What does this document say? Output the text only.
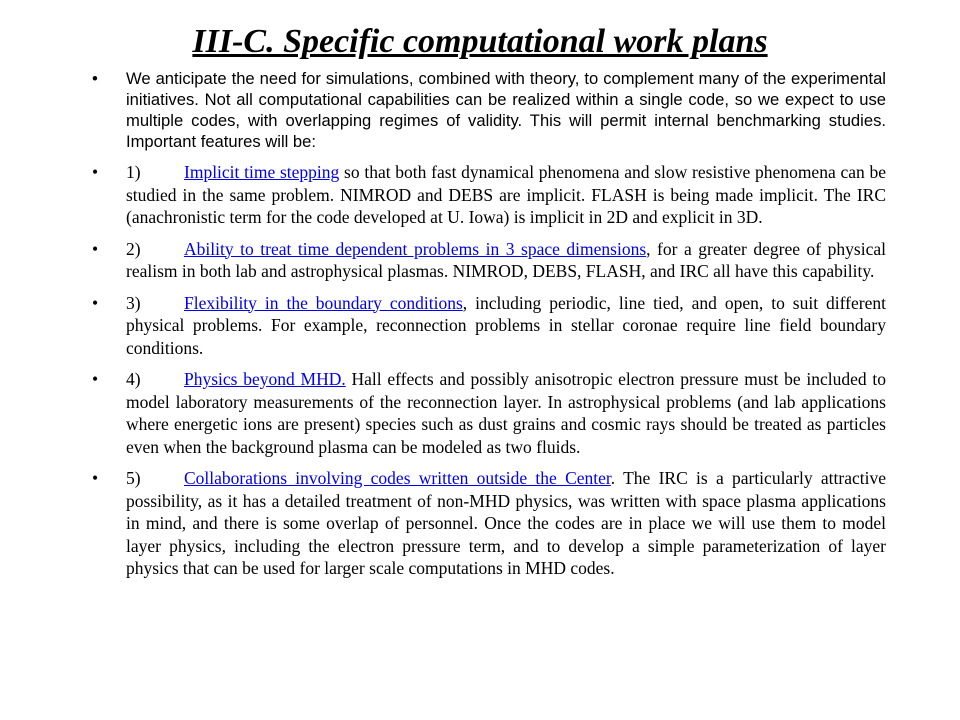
III-C. Specific computational work plans

• We anticipate the need for simulations, combined with theory, to complement many of the experimental initiatives. Not all computational capabilities can be realized within a single code, so we expect to use multiple codes, with overlapping regimes of validity. This will permit internal benchmarking studies. Important features will be:

• 1) Implicit time stepping so that both fast dynamical phenomena and slow resistive phenomena can be studied in the same problem. NIMROD and DEBS are implicit. FLASH is being made implicit. The IRC (anachronistic term for the code developed at U. Iowa) is implicit in 2D and explicit in 3D.

• 2) Ability to treat time dependent problems in 3 space dimensions, for a greater degree of physical realism in both lab and astrophysical plasmas. NIMROD, DEBS, FLASH, and IRC all have this capability.

• 3) Flexibility in the boundary conditions, including periodic, line tied, and open, to suit different physical problems. For example, reconnection problems in stellar coronae require line field boundary conditions.

• 4) Physics beyond MHD. Hall effects and possibly anisotropic electron pressure must be included to model laboratory measurements of the reconnection layer. In astrophysical problems (and lab applications where energetic ions are present) species such as dust grains and cosmic rays should be treated as particles even when the background plasma can be modeled as two fluids.

• 5) Collaborations involving codes written outside the Center. The IRC is a particularly attractive possibility, as it has a detailed treatment of non-MHD physics, was written with space plasma applications in mind, and there is some overlap of personnel. Once the codes are in place we will use them to model layer physics, including the electron pressure term, and to develop a simple parameterization of layer physics that can be used for larger scale computations in MHD codes.
